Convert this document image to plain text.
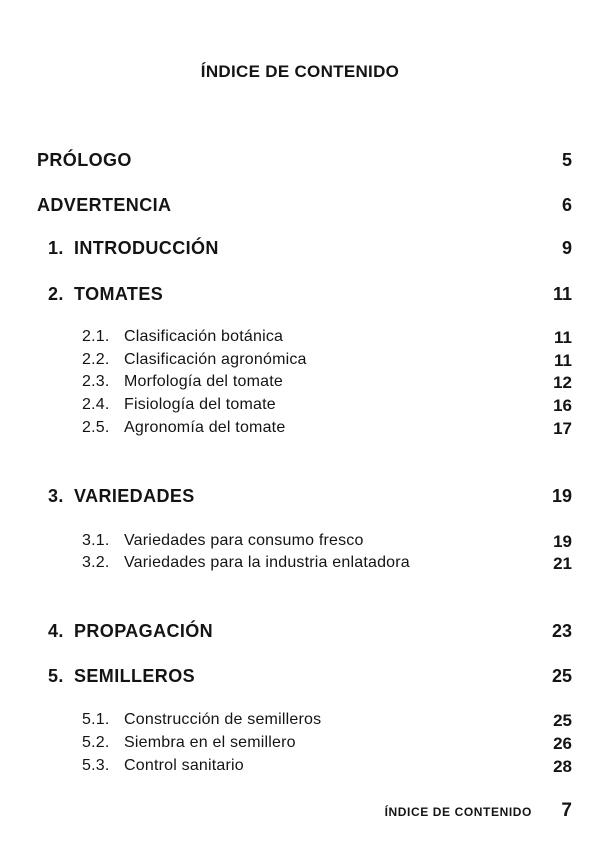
ÍNDICE DE CONTENIDO
PRÓLOGO	5
ADVERTENCIA	6
1. INTRODUCCIÓN	9
2. TOMATES	11
2.1. Clasificación botánica	11
2.2. Clasificación agronómica	11
2.3. Morfología del tomate	12
2.4. Fisiología del tomate	16
2.5. Agronomía del tomate	17
3. VARIEDADES	19
3.1. Variedades para consumo fresco	19
3.2. Variedades para la industria enlatadora	21
4. PROPAGACIÓN	23
5. SEMILLEROS	25
5.1. Construcción de semilleros	25
5.2. Siembra en el semillero	26
5.3. Control sanitario	28
ÍNDICE DE CONTENIDO 7
